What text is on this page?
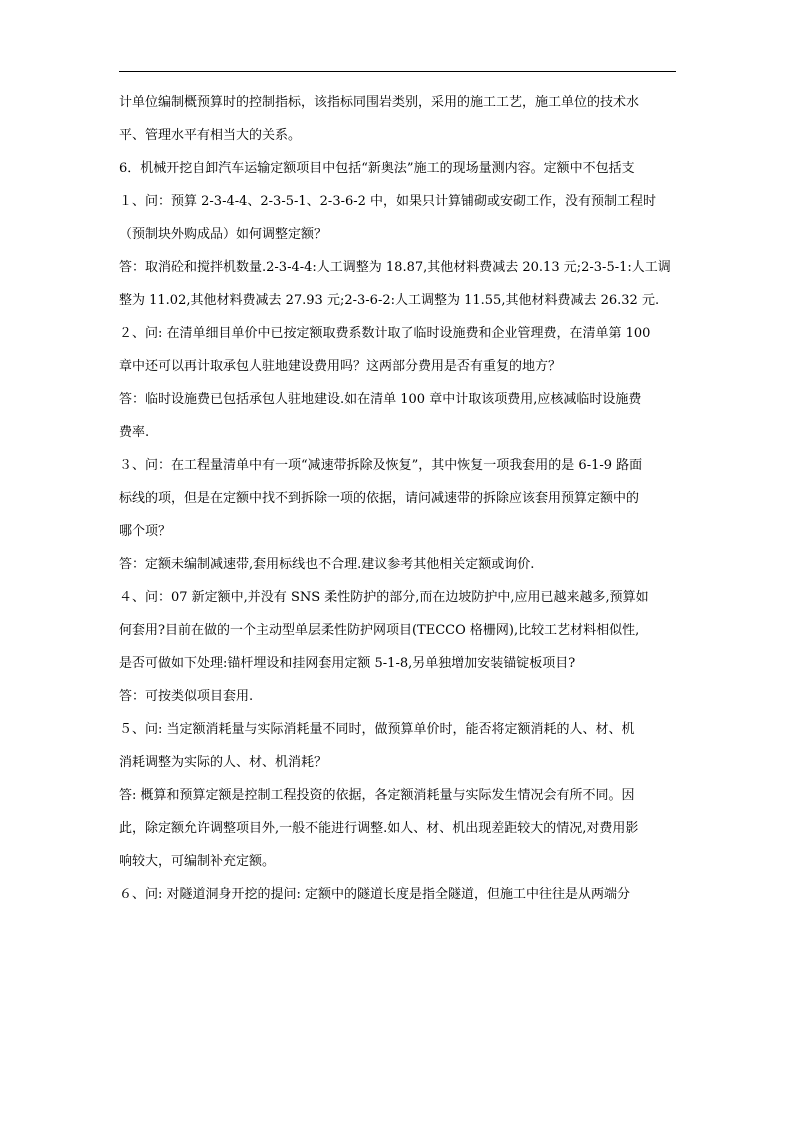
计单位编制概预算时的控制指标，该指标同围岩类别，采用的施工工艺，施工单位的技术水
平、管理水平有相当大的关系。
6．机械开挖自卸汽车运输定额项目中包括“新奥法”施工的现场量测内容。定额中不包括支
１、问：预算 2-3-4-4、2-3-5-1、2-3-6-2 中，如果只计算铺砌或安砌工作，没有预制工程时
（预制块外购成品）如何调整定额？
答：取消砼和搅拌机数量.2-3-4-4:人工调整为 18.87,其他材料费减去 20.13 元;2-3-5-1:人工调
整为 11.02,其他材料费减去 27.93 元;2-3-6-2:人工调整为 11.55,其他材料费减去 26.32 元.
２、问: 在清单细目单价中已按定额取费系数计取了临时设施费和企业管理费，在清单第 100
章中还可以再计取承包人驻地建设费用吗？这两部分费用是否有重复的地方？
答：临时设施费已包括承包人驻地建设.如在清单 100 章中计取该项费用,应核减临时设施费
费率.
３、问：在工程量清单中有一项“减速带拆除及恢复”，其中恢复一项我套用的是 6-1-9 路面
标线的项，但是在定额中找不到拆除一项的依据，请问减速带的拆除应该套用预算定额中的
哪个项？
答：定额未编制减速带,套用标线也不合理.建议参考其他相关定额或询价.
４、问：07 新定额中,并没有 SNS 柔性防护的部分,而在边坡防护中,应用已越来越多,预算如
何套用?目前在做的一个主动型单层柔性防护网项目(TECCO 格栅网),比较工艺材料相似性,
是否可做如下处理:锚杆埋设和挂网套用定额 5-1-8,另单独增加安装锚锭板项目?
答：可按类似项目套用.
５、问: 当定额消耗量与实际消耗量不同时，做预算单价时，能否将定额消耗的人、材、机
消耗调整为实际的人、材、机消耗？
答: 概算和预算定额是控制工程投资的依据，各定额消耗量与实际发生情况会有所不同。因
此，除定额允许调整项目外,一般不能进行调整.如人、材、机出现差距较大的情况,对费用影
响较大，可编制补充定额。
６、问: 对隧道洞身开挖的提问: 定额中的隧道长度是指全隧道，但施工中往往是从两端分
